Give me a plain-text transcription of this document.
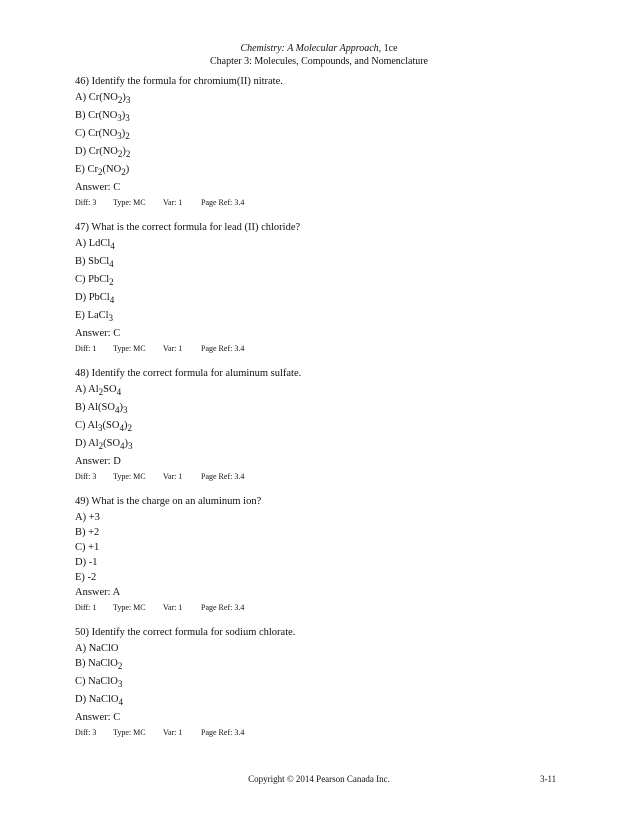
Chemistry: A Molecular Approach, 1ce
Chapter 3: Molecules, Compounds, and Nomenclature
46) Identify the formula for chromium(II) nitrate.
A) $Cr(NO_2)_3$
B) $Cr(NO_3)_3$
C) $Cr(NO_3)_2$
D) $Cr(NO_2)_2$
E) $Cr_2(NO_2)$
Answer: C
Diff: 3 Type: MC Var: 1 Page Ref: 3.4
47) What is the correct formula for lead (II) chloride?
A) LdCl$_4$
B) SbCl$_4$
C) PbCl$_2$
D) PbCl$_4$
E) LaCl$_3$
Answer: C
Diff: 1 Type: MC Var: 1 Page Ref: 3.4
48) Identify the correct formula for aluminum sulfate.
A) $Al_2SO_4$
B) $Al(SO_4)_3$
C) $Al_3(SO_4)_2$
D) $Al_2(SO_4)_3$
Answer: D
Diff: 3 Type: MC Var: 1 Page Ref: 3.4
49) What is the charge on an aluminum ion?
A) +3
B) +2
C) +1
D) -1
E) -2
Answer: A
Diff: 1 Type: MC Var: 1 Page Ref: 3.4
50) Identify the correct formula for sodium chlorate.
A) NaClO
B) NaClO$_2$
C) NaClO$_3$
D) NaClO$_4$
Answer: C
Diff: 3 Type: MC Var: 1 Page Ref: 3.4
Copyright © 2014 Pearson Canada Inc.	3-11
